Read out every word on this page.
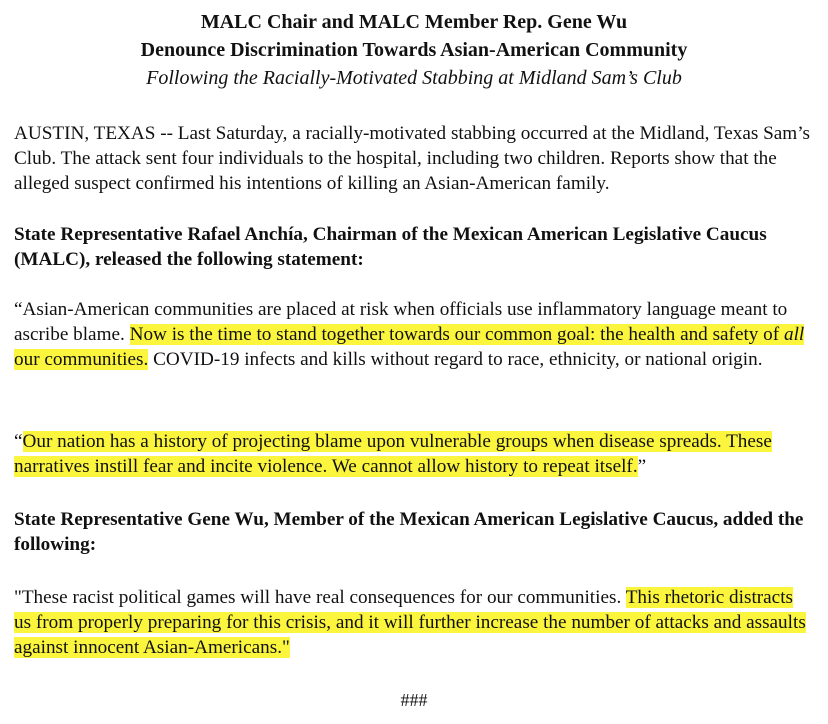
MALC Chair and MALC Member Rep. Gene Wu
Denounce Discrimination Towards Asian-American Community
Following the Racially-Motivated Stabbing at Midland Sam’s Club

AUSTIN, TEXAS -- Last Saturday, a racially-motivated stabbing occurred at the Midland, Texas Sam’s Club. The attack sent four individuals to the hospital, including two children. Reports show that the alleged suspect confirmed his intentions of killing an Asian-American family.

State Representative Rafael Anchía, Chairman of the Mexican American Legislative Caucus (MALC), released the following statement:

“Asian-American communities are placed at risk when officials use inflammatory language meant to ascribe blame. Now is the time to stand together towards our common goal: the health and safety of all our communities. COVID-19 infects and kills without regard to race, ethnicity, or national origin.

“Our nation has a history of projecting blame upon vulnerable groups when disease spreads. These narratives instill fear and incite violence. We cannot allow history to repeat itself.”

State Representative Gene Wu, Member of the Mexican American Legislative Caucus, added the following:

"These racist political games will have real consequences for our communities. This rhetoric distracts us from properly preparing for this crisis, and it will further increase the number of attacks and assaults against innocent Asian-Americans."

###
